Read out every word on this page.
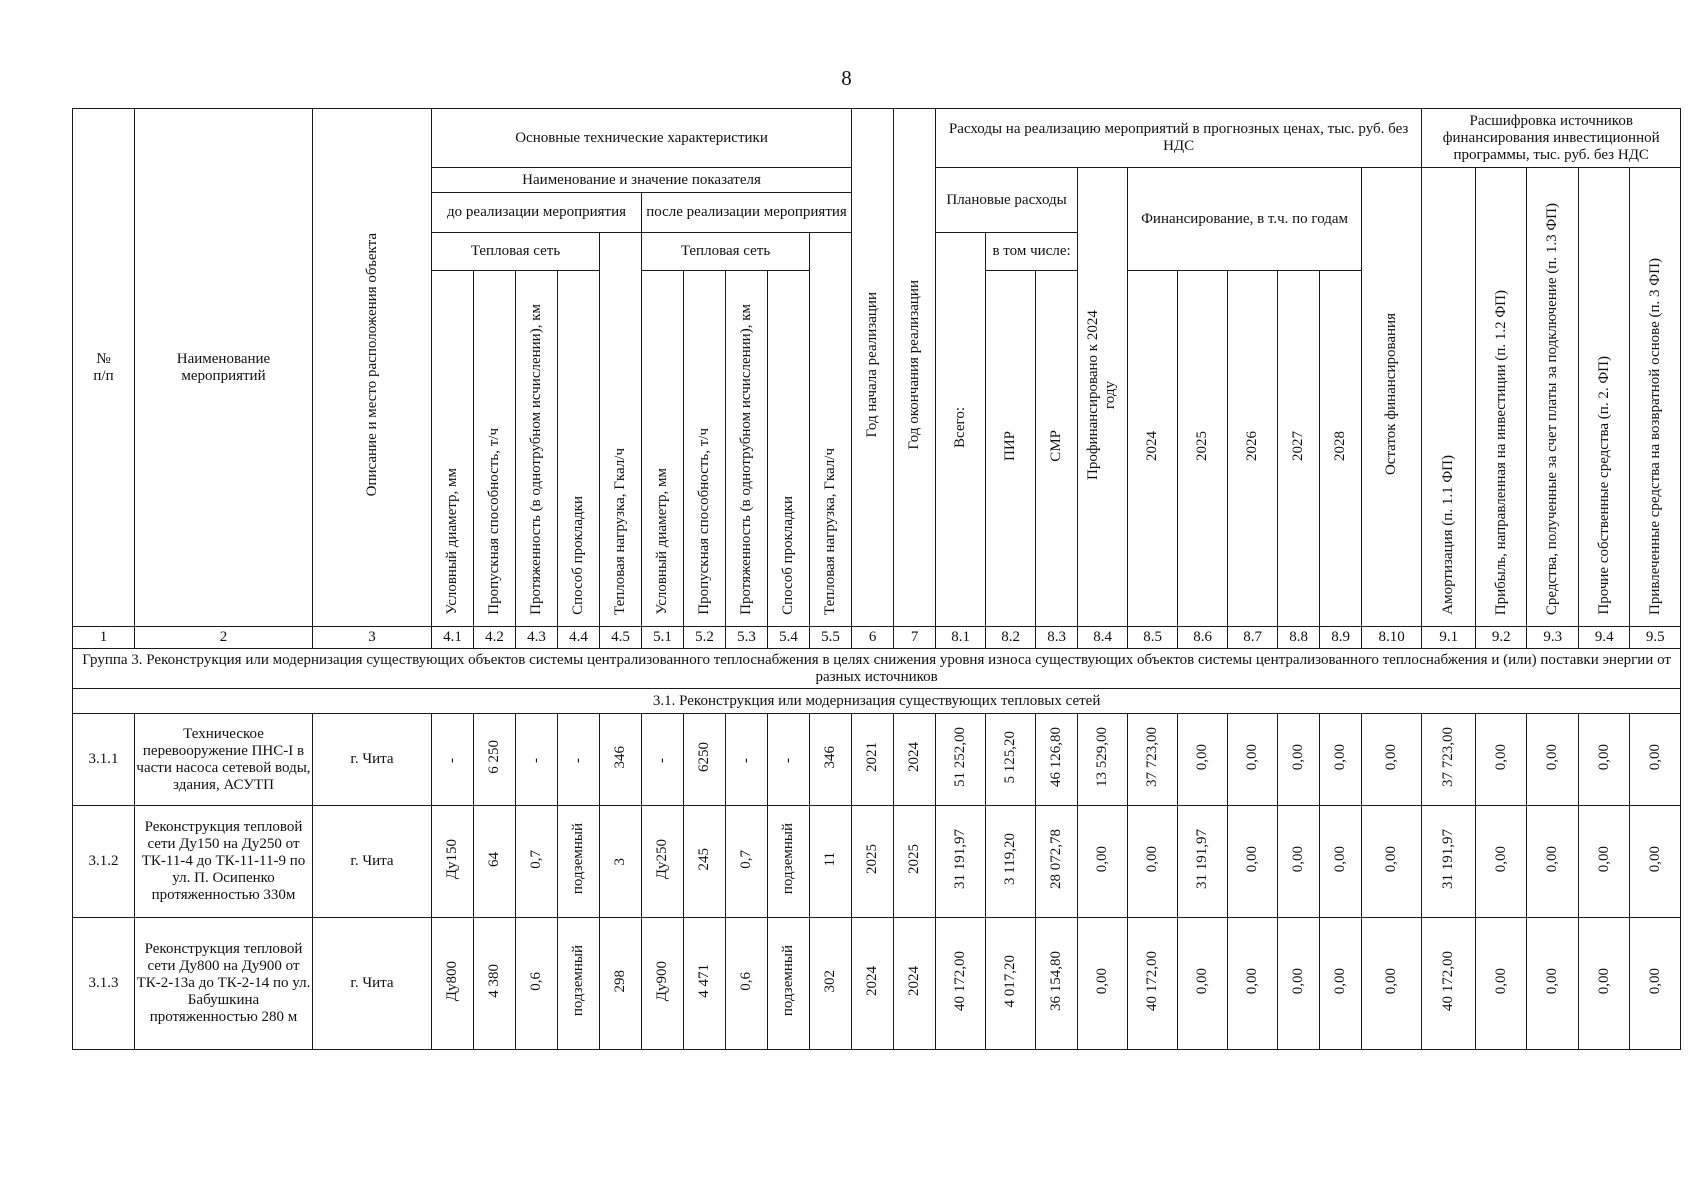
8
№
п/п	Наименование мероприятий	Описание и место расположения объекта	Основные технические характеристики										Год начала реализации	Год окончания реализации	Расходы на реализацию мероприятий в прогнозных ценах, тыс. руб. без НДС										Расшифровка источников финансирования инвестиционной программы, тыс. руб. без НДС				
			Наименование и значение показателя												Плановые расходы			Профинансировано к 2024 году	Финансирование, в т.ч. по годам					Остаток финансирования	Амортизация (п. 1.1 ФП)	Прибыль, направленная на инвестиции (п. 1.2 ФП)	Средства, полученные за счет платы за подключение (п. 1.3 ФП)	Прочие собственные средства (п. 2. ФП)	Привлеченные средства на возвратной основе (п. 3 ФП)
			до реализации мероприятия					после реализации мероприятия																					
			Тепловая сеть				Тепловая нагрузка, Гкал/ч	Тепловая сеть				Тепловая нагрузка, Гкал/ч			Всего:	в том числе:													
			Условный диаметр, мм	Пропускная способность, т/ч	Протяженность (в однотрубном исчислении), км	Способ прокладки		Условный диаметр, мм	Пропускная способность, т/ч	Протяженность (в однотрубном исчислении), км	Способ прокладки					ПИР	СМР		2024	2025	2026	2027	2028						
1	2	3	4.1	4.2	4.3	4.4	4.5	5.1	5.2	5.3	5.4	5.5	6	7	8.1	8.2	8.3	8.4	8.5	8.6	8.7	8.8	8.9	8.10	9.1	9.2	9.3	9.4	9.5
Группа 3. Реконструкция или модернизация существующих объектов системы централизованного теплоснабжения в целях снижения уровня износа существующих объектов системы централизованного теплоснабжения и (или) поставки энергии от разных источников																													
3.1. Реконструкция или модернизация существующих тепловых сетей																													
3.1.1	Техническое перевооружение ПНС-I в части насоса сетевой воды, здания, АСУТП	г. Чита	-	6 250	-	-	346	-	6250	-	-	346	2021	2024	51 252,00	5 125,20	46 126,80	13 529,00	37 723,00	0,00	0,00	0,00	0,00	0,00	37 723,00	0,00	0,00	0,00	0,00
3.1.2	Реконструкция тепловой сети Ду150 на Ду250 от ТК-11-4 до ТК-11-11-9 по ул. П. Осипенко протяженностью 330м	г. Чита	Ду150	64	0,7	подземный	3	Ду250	245	0,7	подземный	11	2025	2025	31 191,97	3 119,20	28 072,78	0,00	0,00	31 191,97	0,00	0,00	0,00	0,00	31 191,97	0,00	0,00	0,00	0,00
3.1.3	Реконструкция тепловой сети Ду800 на Ду900 от ТК-2-13а до ТК-2-14 по ул. Бабушкина протяженностью 280 м	г. Чита	Ду800	4 380	0,6	подземный	298	Ду900	4 471	0,6	подземный	302	2024	2024	40 172,00	4 017,20	36 154,80	0,00	40 172,00	0,00	0,00	0,00	0,00	0,00	40 172,00	0,00	0,00	0,00	0,00
